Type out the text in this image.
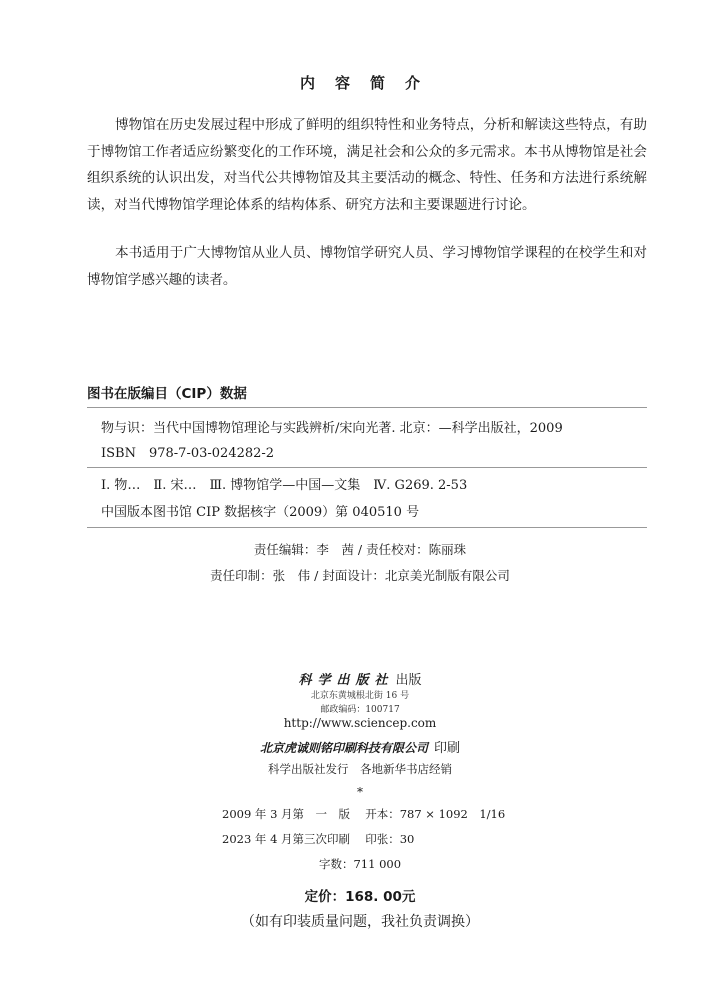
内容简介
博物馆在历史发展过程中形成了鲜明的组织特性和业务特点，分析和解读这些特点，有助于博物馆工作者适应纷繁变化的工作环境，满足社会和公众的多元需求。本书从博物馆是社会组织系统的认识出发，对当代公共博物馆及其主要活动的概念、特性、任务和方法进行系统解读，对当代博物馆学理论体系的结构体系、研究方法和主要课题进行讨论。
本书适用于广大博物馆从业人员、博物馆学研究人员、学习博物馆学课程的在校学生和对博物馆学感兴趣的读者。
图书在版编目（CIP）数据
物与识：当代中国博物馆理论与实践辨析/宋向光著. 北京：—科学出版社，2009
ISBN　978-7-03-024282-2
Ⅰ. 物…　Ⅱ. 宋…　Ⅲ. 博物馆学—中国—文集　Ⅳ. G269. 2-53
中国版本图书馆 CIP 数据核字（2009）第 040510 号
责任编辑：李　茜 / 责任校对：陈丽珠
责任印制：张　伟 / 封面设计：北京美光制版有限公司
科学出版社 出版
北京东黄城根北街 16 号
邮政编码：100717
http://www.sciencep.com
北京虎诚则铭印刷科技有限公司 印刷
科学出版社发行　各地新华书店经销
*
2009 年 3 月第　一　版　 开本：787 × 1092　1/16
2023 年 4 月第三次印刷　 印张：30
字数：711 000
定价：168. 00元
（如有印装质量问题，我社负责调换）
